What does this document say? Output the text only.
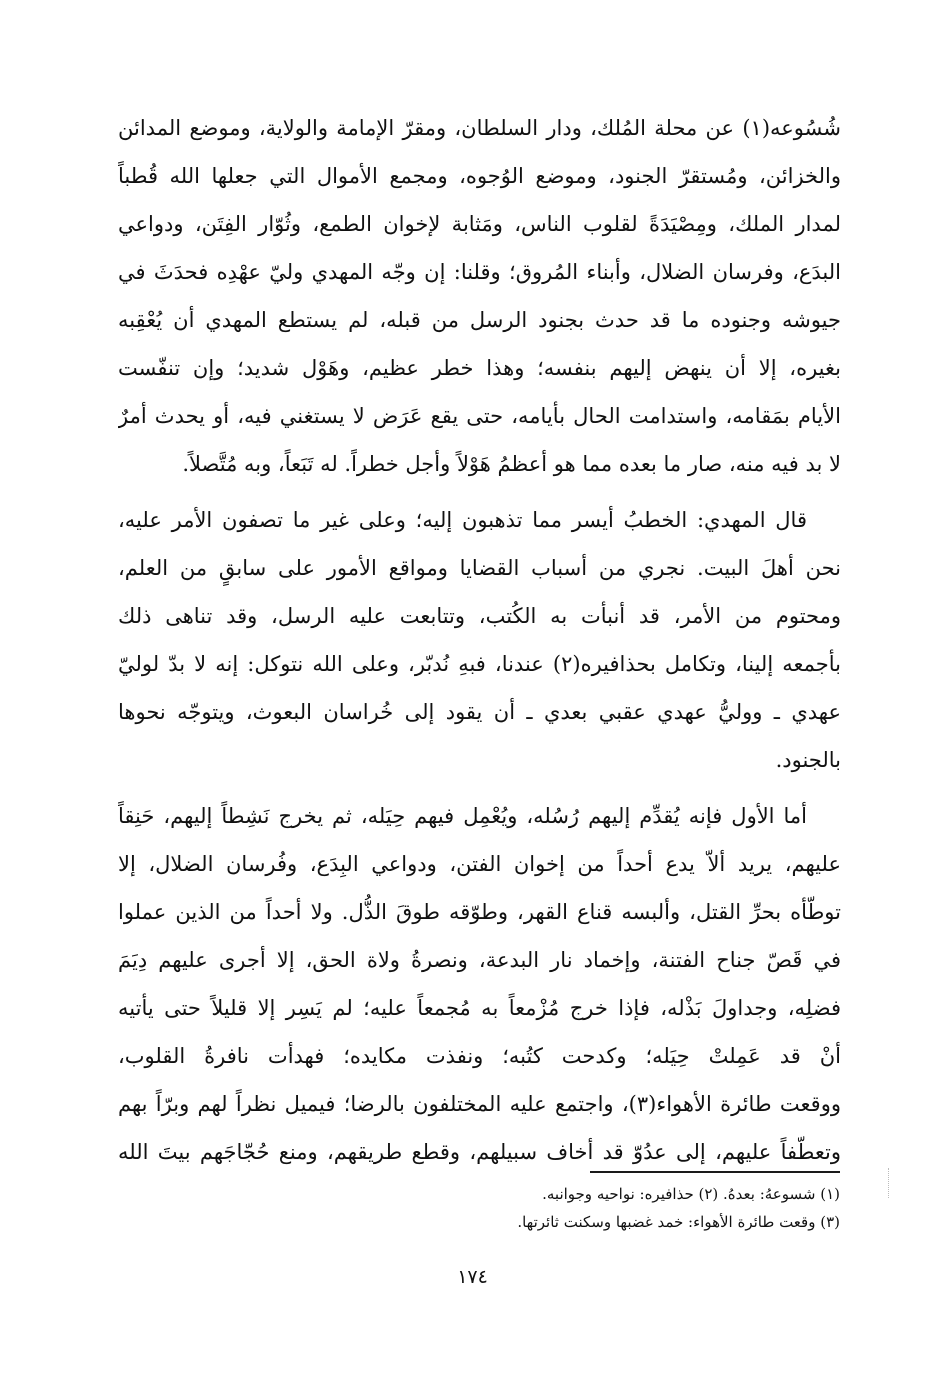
شُسُوعه(١) عن محلة المُلك، ودار السلطان، ومقرّ الإمامة والولاية، وموضع المدائن
والخزائن، ومُستقرّ الجنود، وموضع الوُجوه، ومجمع الأموال التي جعلها الله قُطباً
لمدار الملك، ومِصْيَدَةً لقلوب الناس، ومَثابة لإخوان الطمع، وثُوّار الفِتَن، ودواعي
البدَع، وفرسان الضلال، وأبناء المُروق؛ وقلنا: إن وجّه المهدي وليّ عهْدِه فحدَثَ في
جيوشه وجنوده ما قد حدث بجنود الرسل من قبله، لم يستطع المهدي أن يُعْقِبه
بغيره، إلا أن ينهض إليهم بنفسه؛ وهذا خطر عظيم، وهَوْل شديد؛ وإن تنفّست
الأيام بمَقامه، واستدامت الحال بأيامه، حتى يقع عَرَض لا يستغني فيه، أو يحدث أمرٌ
لا بد فيه منه، صار ما بعده مما هو أعظمُ هَوْلاً وأجل خطراً. له تَبَعاً، وبه مُتَّصلاً.
قال المهدي: الخطبُ أيسر مما تذهبون إليه؛ وعلى غير ما تصفون الأمر عليه،
نحن أهلَ البيت. نجري من أسباب القضايا ومواقع الأمور على سابقٍ من العلم،
ومحتوم من الأمر، قد أنبأت به الكُتب، وتتابعت عليه الرسل، وقد تناهى ذلك
بأجمعه إلينا، وتكامل بحذافيره(٢) عندنا، فبهِ نُدبّر، وعلى الله نتوكل: إنه لا بدّ لوليّ
عهدي ـ ووليُّ عهدي عقبي بعدي ـ أن يقود إلى خُراسان البعوث، ويتوجّه نحوها
بالجنود.
أما الأول فإنه يُقدِّم إليهم رُسُله، ويُعْمِل فيهم حِيَله، ثم يخرج نَشِطاً إليهم، حَنِقاً
عليهم، يريد ألاّ يدع أحداً من إخوان الفتن، ودواعي البِدَع، وفُرسان الضلال، إلا
توطّأه بحرِّ القتل، وألبسه قناع القهر، وطوّقه طوقَ الذُّل. ولا أحداً من الذين عملوا
في قَصّ جناح الفتنة، وإخماد نار البدعة، ونصرةُ ولاة الحق، إلا أجرى عليهم دِيَمَ
فضلِه، وجداولَ بَذْله، فإذا خرج مُزْمعاً به مُجمعاً عليه؛ لم يَسِر إلا قليلاً حتى يأتيه
أنْ قد عَمِلتْ حِيَله؛ وكدحت كتُبه؛ ونفذت مكايده؛ فهدأت نافرةُ القلوب،
ووقعت طائرة الأهواء(٣)، واجتمع عليه المختلفون بالرضا؛ فيميل نظراً لهم وبرّاً بهم
وتعطّفاً عليهم، إلى عدُوّ قد أخاف سبيلهم، وقطع طريقهم، ومنع حُجّاجَهم بيتَ الله
(١) شسوعهُ: بعدهُ. (٢) حذافيره: نواحيه وجوانبه.
(٣) وقعت طائرة الأهواء: خمد غضبها وسكنت ثائرتها.
١٧٤
